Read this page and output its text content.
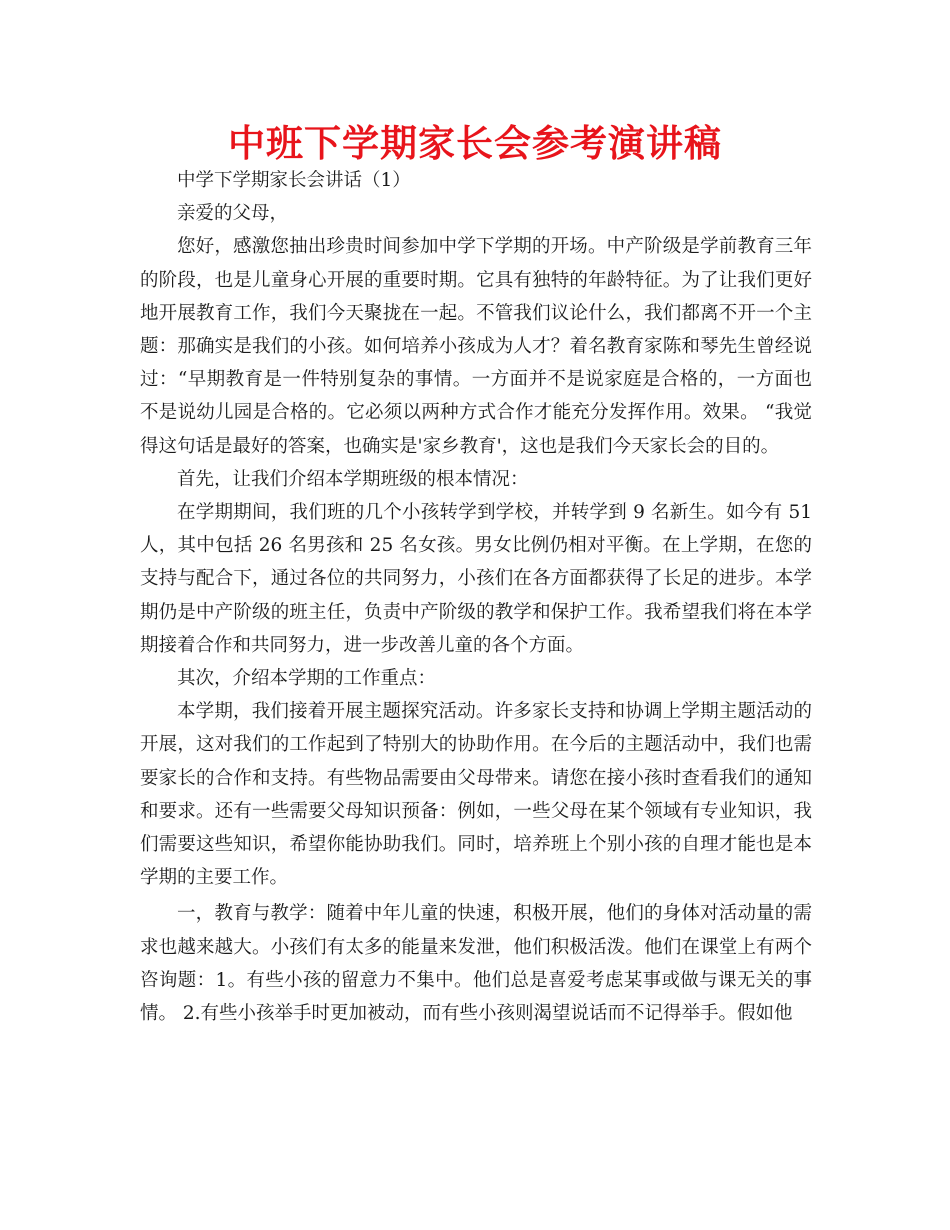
中班下学期家长会参考演讲稿

中学下学期家长会讲话（1）

亲爱的父母，

您好，感激您抽出珍贵时间参加中学下学期的开场。中产阶级是学前教育三年的阶段，也是儿童身心开展的重要时期。它具有独特的年龄特征。为了让我们更好地开展教育工作，我们今天聚拢在一起。不管我们议论什么，我们都离不开一个主题：那确实是我们的小孩。如何培养小孩成为人才？着名教育家陈和琴先生曾经说过：“早期教育是一件特别复杂的事情。一方面并不是说家庭是合格的，一方面也不是说幼儿园是合格的。它必须以两种方式合作才能充分发挥作用。效果。 “我觉得这句话是最好的答案，也确实是'家乡教育'，这也是我们今天家长会的目的。

首先，让我们介绍本学期班级的根本情况：

在学期期间，我们班的几个小孩转学到学校，并转学到 9 名新生。如今有 51 人，其中包括 26 名男孩和 25 名女孩。男女比例仍相对平衡。在上学期，在您的支持与配合下，通过各位的共同努力，小孩们在各方面都获得了长足的进步。本学期仍是中产阶级的班主任，负责中产阶级的教学和保护工作。我希望我们将在本学期接着合作和共同努力，进一步改善儿童的各个方面。

其次，介绍本学期的工作重点：

本学期，我们接着开展主题探究活动。许多家长支持和协调上学期主题活动的开展，这对我们的工作起到了特别大的协助作用。在今后的主题活动中，我们也需要家长的合作和支持。有些物品需要由父母带来。请您在接小孩时查看我们的通知和要求。还有一些需要父母知识预备：例如，一些父母在某个领域有专业知识，我们需要这些知识，希望你能协助我们。同时，培养班上个别小孩的自理才能也是本学期的主要工作。

一，教育与教学：随着中年儿童的快速，积极开展，他们的身体对活动量的需求也越来越大。小孩们有太多的能量来发泄，他们积极活泼。他们在课堂上有两个咨询题：1。有些小孩的留意力不集中。他们总是喜爱考虑某事或做与课无关的事情。 2.有些小孩举手时更加被动，而有些小孩则渴望说话而不记得举手。假如他
